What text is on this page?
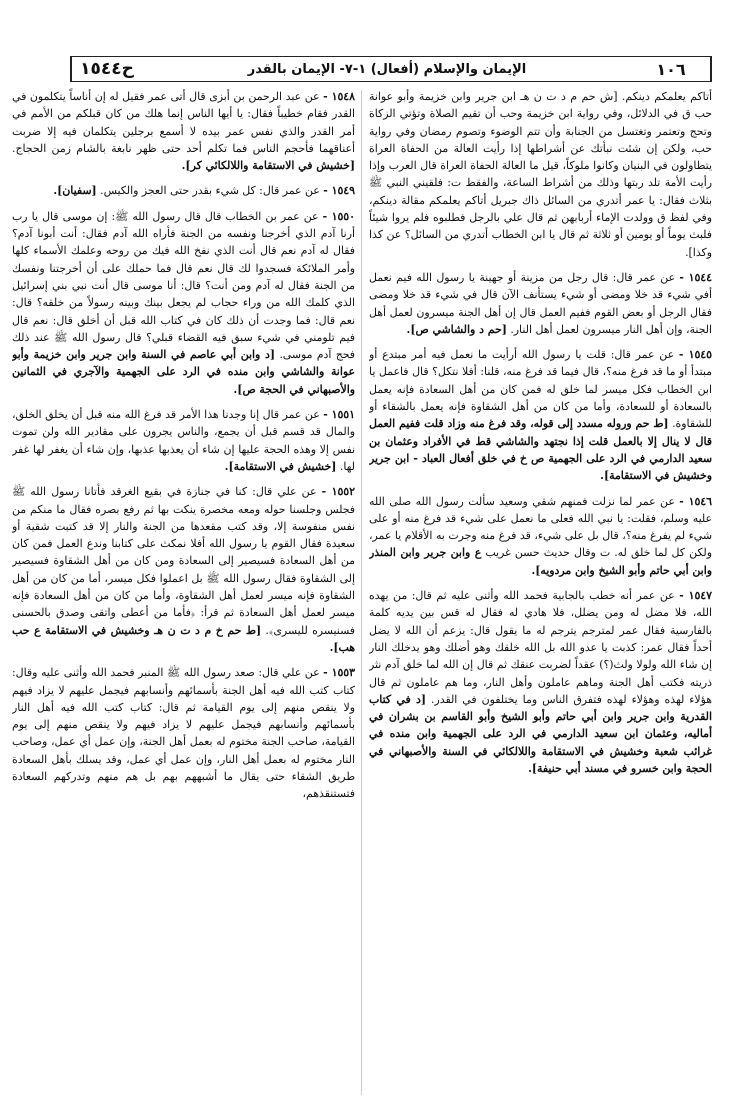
١٠٦
الإيمان والإسلام (أفعال) ١-٧- الإيمان بالقدر
ح١٥٤٤
أتاكم يعلمكم دينكم. [ش حم م د ت ن هـ ابن جرير وابن خزيمة وأبو عوانة حب ق في الدلائل، وفي رواية ابن خزيمة وحب أن تقيم الصلاة وتؤتي الزكاة وتحج وتعتمر وتغتسل من الجنابة وأن تتم الوضوء وتصوم رمضان وفي رواية حب، ولكن إن شئت نبأتك عن أشراطها إذا رأيت العالة من الحفاة العراة يتطاولون في البنيان وكانوا ملوكاً، قيل ما العالة الحفاة العراة قال العرب وإذا رأيت الأمة تلد ربتها وذلك من أشراط الساعة، والفقط ت: فلقيني النبي ﷺ بثلاث فقال: يا عمر أتدري من السائل ذاك جبريل أتاكم يعلمكم مقالة دينكم، وفي لفظ ق وولدت الإماء أربابهن ثم قال علي بالرجل فطلبوه فلم يروا شيئاً فلبث يوماً أو يومين أو ثلاثة ثم قال يا ابن الخطاب أتدري من السائل؟ عن كذا وكذا].
١٥٤٤ - عن عمر قال: قال رجل من مزينة أو جهينة يا رسول الله فيم نعمل أفي شيء قد خلا ومضى أو شيء يستأنف الآن قال في شيء قد خلا ومضى فقال الرجل أو بعض القوم ففيم العمل قال إن أهل الجنة ميسرون لعمل أهل الجنة، وإن أهل النار ميسرون لعمل أهل النار. [حم د والشاشي ص].
١٥٤٥ - عن عمر قال: قلت يا رسول الله أرأيت ما نعمل فيه أمر مبتدع أو مبتدأ أو ما قد فرغ منه؟، قال فيما قد فرغ منه، قلنا: أفلا نتكل؟ قال فاعمل يا ابن الخطاب فكل ميسر لما خلق له فمن كان من أهل السعادة فإنه يعمل بالسعادة أو للسعادة، وأما من كان من أهل الشقاوة فإنه يعمل بالشقاء أو للشقاوة. [ط حم وروله مسدد إلى قوله، وقد فرغ منه وزاد قلت ففيم العمل قال لا ينال إلا بالعمل قلت إذا نجتهد والشاشي قط في الأفراد وعثمان بن سعيد الدارمي في الرد على الجهمية ص خ في خلق أفعال العباد - ابن جرير وخشيش في الاستقامة].
١٥٤٦ - عن عمر لما نزلت فمنهم شقي وسعيد سألت رسول الله صلى الله عليه وسلم، فقلت: يا نبي الله فعلى ما نعمل على شيء قد فرغ منه أو على شيء لم يفرغ منه؟، قال بل على شيء، قد فرغ منه وجرت به الأقلام يا عمر، ولكن كل لما خلق له. ت وقال حديث حسن غريب ع وابن جرير وابن المنذر وابن أبي حاتم وأبو الشيخ وابن مردويه].
١٥٤٧ - عن عمر أنه خطب بالجابية فحمد الله وأثنى عليه ثم قال: من يهده الله، فلا مضل له ومن يضلل، فلا هادي له فقال له قس بين يديه كلمة بالفارسية فقال عمر لمترجم يترجم له ما يقول قال: يزعم أن الله لا يضل أحداً فقال عمر: كذبت يا عدو الله بل الله خلقك وهو أضلك وهو يدخلك النار إن شاء الله ولولا ولث(؟) عقداً لضربت عنقك ثم قال إن الله لما خلق آدم نثر ذريته فكتب أهل الجنة وماهم عاملون وأهل النار، وما هم عاملون ثم قال هؤلاء لهذه وهؤلاء لهذه فتفرق الناس وما يختلفون في القدر. [د في كتاب القدرية وابن جرير وابن أبي حاتم وأبو الشيخ وأبو القاسم بن بشران في أماليه، وعثمان ابن سعيد الدارمي في الرد على الجهمية وابن منده في غرائب شعبة وخشيش في الاستقامة واللالكائي في السنة والأصبهاني في الحجة وابن خسرو في مسند أبي حنيفة].
١٥٤٨ - عن عبد الرحمن بن أبزى قال أتى عمر فقيل له إن أناساً يتكلمون في القدر فقام خطيباً فقال: يا أيها الناس إنما هلك من كان قبلكم من الأمم في أمر القدر والذي نفس عمر بيده لا أسمع برجلين يتكلمان فيه إلا ضربت أعناقهما فأحجم الناس فما تكلم أحد حتى ظهر نابغة بالشام زمن الحجاج. [خشيش في الاستقامة واللالكائي كر].
١٥٤٩ - عن عمر قال: كل شيء بقدر حتى العجز والكيس. [سفيان].
١٥٥٠ - عن عمر بن الخطاب قال قال رسول الله ﷺ: إن موسى قال يا رب أرنا آدم الذي أخرجنا ونفسه من الجنة فأراه الله آدم فقال: أنت أبونا آدم؟ فقال له آدم نعم قال أنت الذي نفخ الله فيك من روحه وعلمك الأسماء كلها وأمر الملائكة فسجدوا لك قال نعم قال فما حملك على أن أخرجتنا ونفسك من الجنة فقال له آدم ومن أنت؟ قال: أنا موسى قال أنت نبي بني إسرائيل الذي كلمك الله من وراء حجاب لم يجعل بينك وبينه رسولاً من خلقه؟ قال: نعم قال: فما وجدت أن ذلك كان في كتاب الله قبل أن أخلق قال: نعم قال فيم تلومني في شيء سبق فيه القضاء قبلي؟ قال رسول الله ﷺ عند ذلك فحج آدم موسى. [د وابن أبي عاصم في السنة وابن جرير وابن خزيمة وأبو عوانة والشاشي وابن منده في الرد على الجهمية والآجري في الثمانين والأصبهاني في الحجة ص].
١٥٥١ - عن عمر قال إنا وجدنا هذا الأمر قد فرغ الله منه قبل أن يخلق الخلق، والمال قد قسم قبل أن يجمع، والناس يجرون على مقادير الله ولن تموت نفس إلا وهذه الحجة عليها إن شاء أن يعذبها عذبها، وإن شاء أن يغفر لها غفر لها. [خشيش في الاستقامة].
١٥٥٢ - عن علي قال: كنا في جنازة في بقيع الغرقد فأتانا رسول الله ﷺ فجلس وجلسنا حوله ومعه مخصرة ينكت بها ثم رفع بصره فقال ما منكم من نفس منفوسة إلا، وقد كتب مقعدها من الجنة والنار إلا قد كتبت شقية أو سعيدة فقال القوم يا رسول الله أفلا نمكث على كتابنا وندع العمل فمن كان من أهل السعادة فسيصير إلى السعادة ومن كان من أهل الشقاوة فسيصير إلى الشقاوة فقال رسول الله ﷺ بل اعملوا فكل ميسر، أما من كان من أهل الشقاوة فإنه ميسر لعمل أهل الشقاوة، وأما من كان من أهل السعادة فإنه ميسر لعمل أهل السعادة ثم قرأ: ﴿فأما من أعطى واتقى وصدق بالحسنى فسنيسره لليسرى﴾. [ط حم خ م د ت ن هـ وخشيش في الاستقامة ع حب هب].
١٥٥٣ - عن علي قال: صعد رسول الله ﷺ المنبر فحمد الله وأثنى عليه وقال: كتاب كتب الله فيه أهل الجنة بأسمائهم وأنسابهم فيجمل عليهم لا يزاد فيهم ولا ينقص منهم إلى يوم القيامة ثم قال: كتاب كتب الله فيه أهل النار بأسمائهم وأنسابهم فيجمل عليهم لا يزاد فيهم ولا ينقص منهم إلى يوم القيامة، صاحب الجنة مختوم له بعمل أهل الجنة، وإن عمل أي عمل، وصاحب النار مختوم له بعمل أهل النار، وإن عمل أي عمل، وقد يسلك بأهل السعادة طريق الشقاء حتى يقال ما أشبههم بهم بل هم منهم وتدركهم السعادة فتستنقذهم،
